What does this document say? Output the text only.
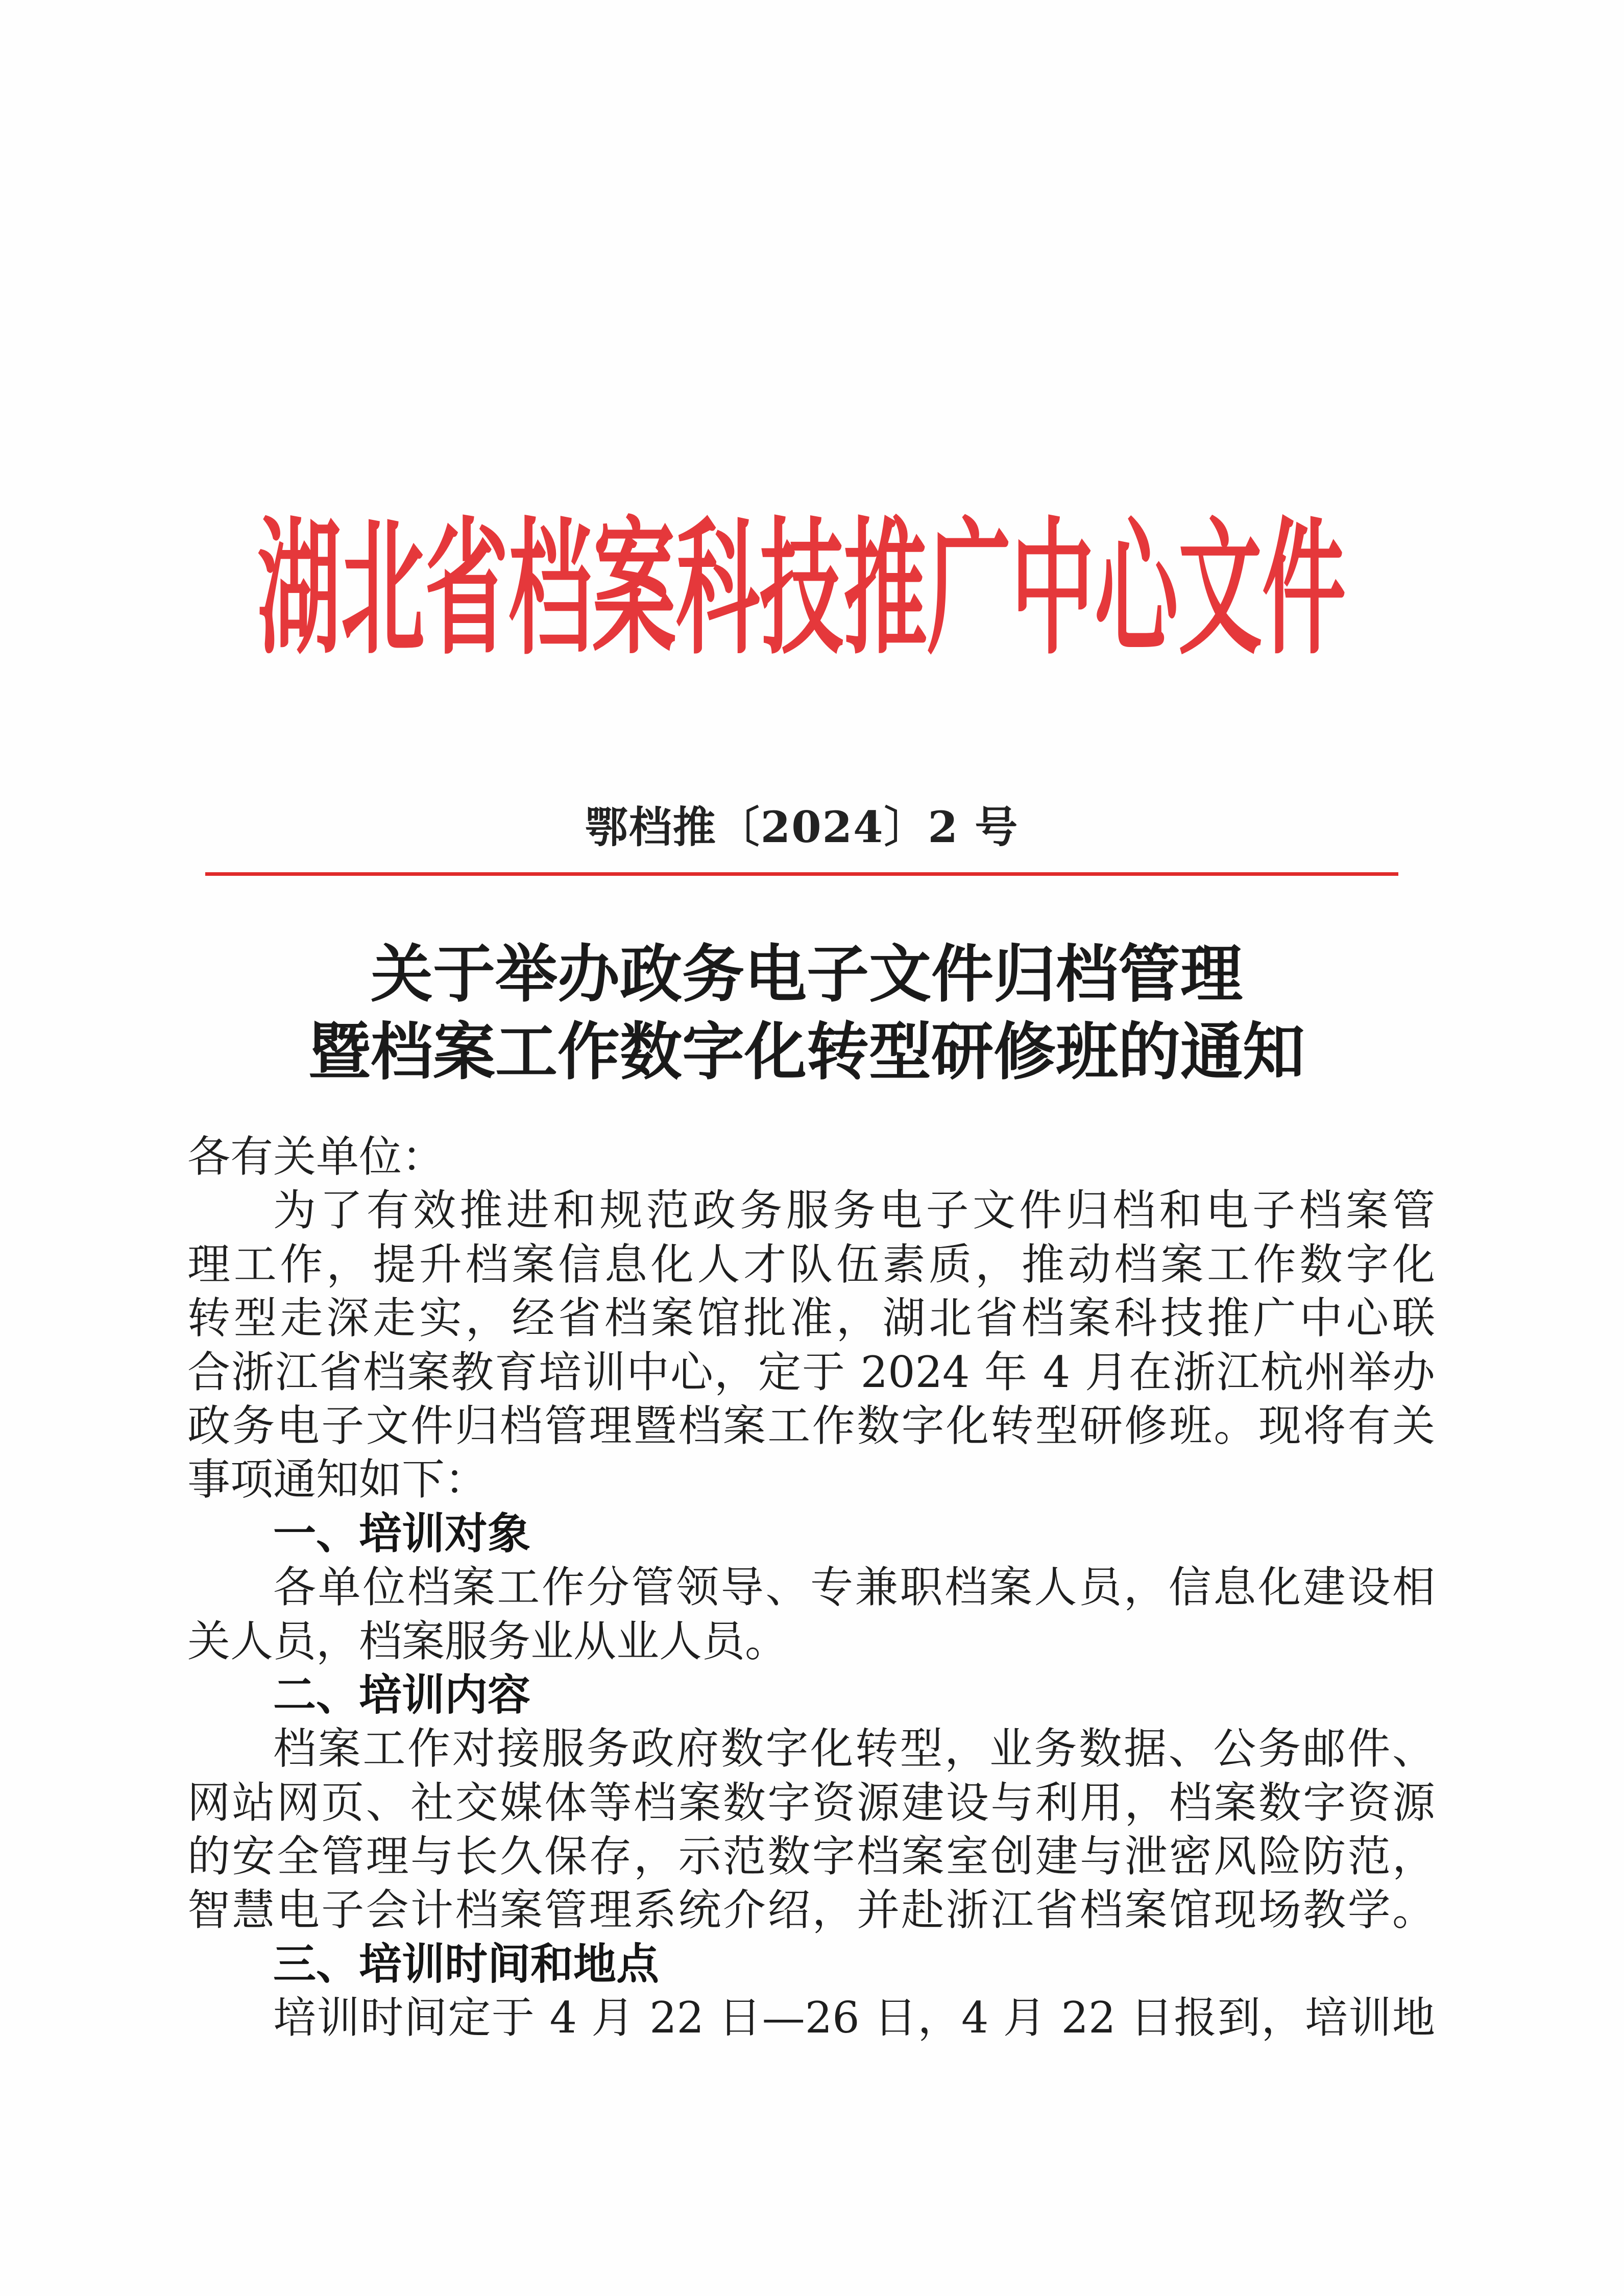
湖北省档案科技推广中心文件
鄂档推〔2024〕2 号
关于举办政务电子文件归档管理
暨档案工作数字化转型研修班的通知
各有关单位：
为了有效推进和规范政务服务电子文件归档和电子档案管
理工作，提升档案信息化人才队伍素质，推动档案工作数字化
转型走深走实，经省档案馆批准，湖北省档案科技推广中心联
合浙江省档案教育培训中心，定于 2024 年 4 月在浙江杭州举办
政务电子文件归档管理暨档案工作数字化转型研修班。现将有关
事项通知如下：
一、培训对象
各单位档案工作分管领导、专兼职档案人员，信息化建设相
关人员，档案服务业从业人员。
二、培训内容
档案工作对接服务政府数字化转型，业务数据、公务邮件、
网站网页、社交媒体等档案数字资源建设与利用，档案数字资源
的安全管理与长久保存，示范数字档案室创建与泄密风险防范，
智慧电子会计档案管理系统介绍，并赴浙江省档案馆现场教学。
三、培训时间和地点
培训时间定于 4 月 22 日—26 日，4 月 22 日报到，培训地
